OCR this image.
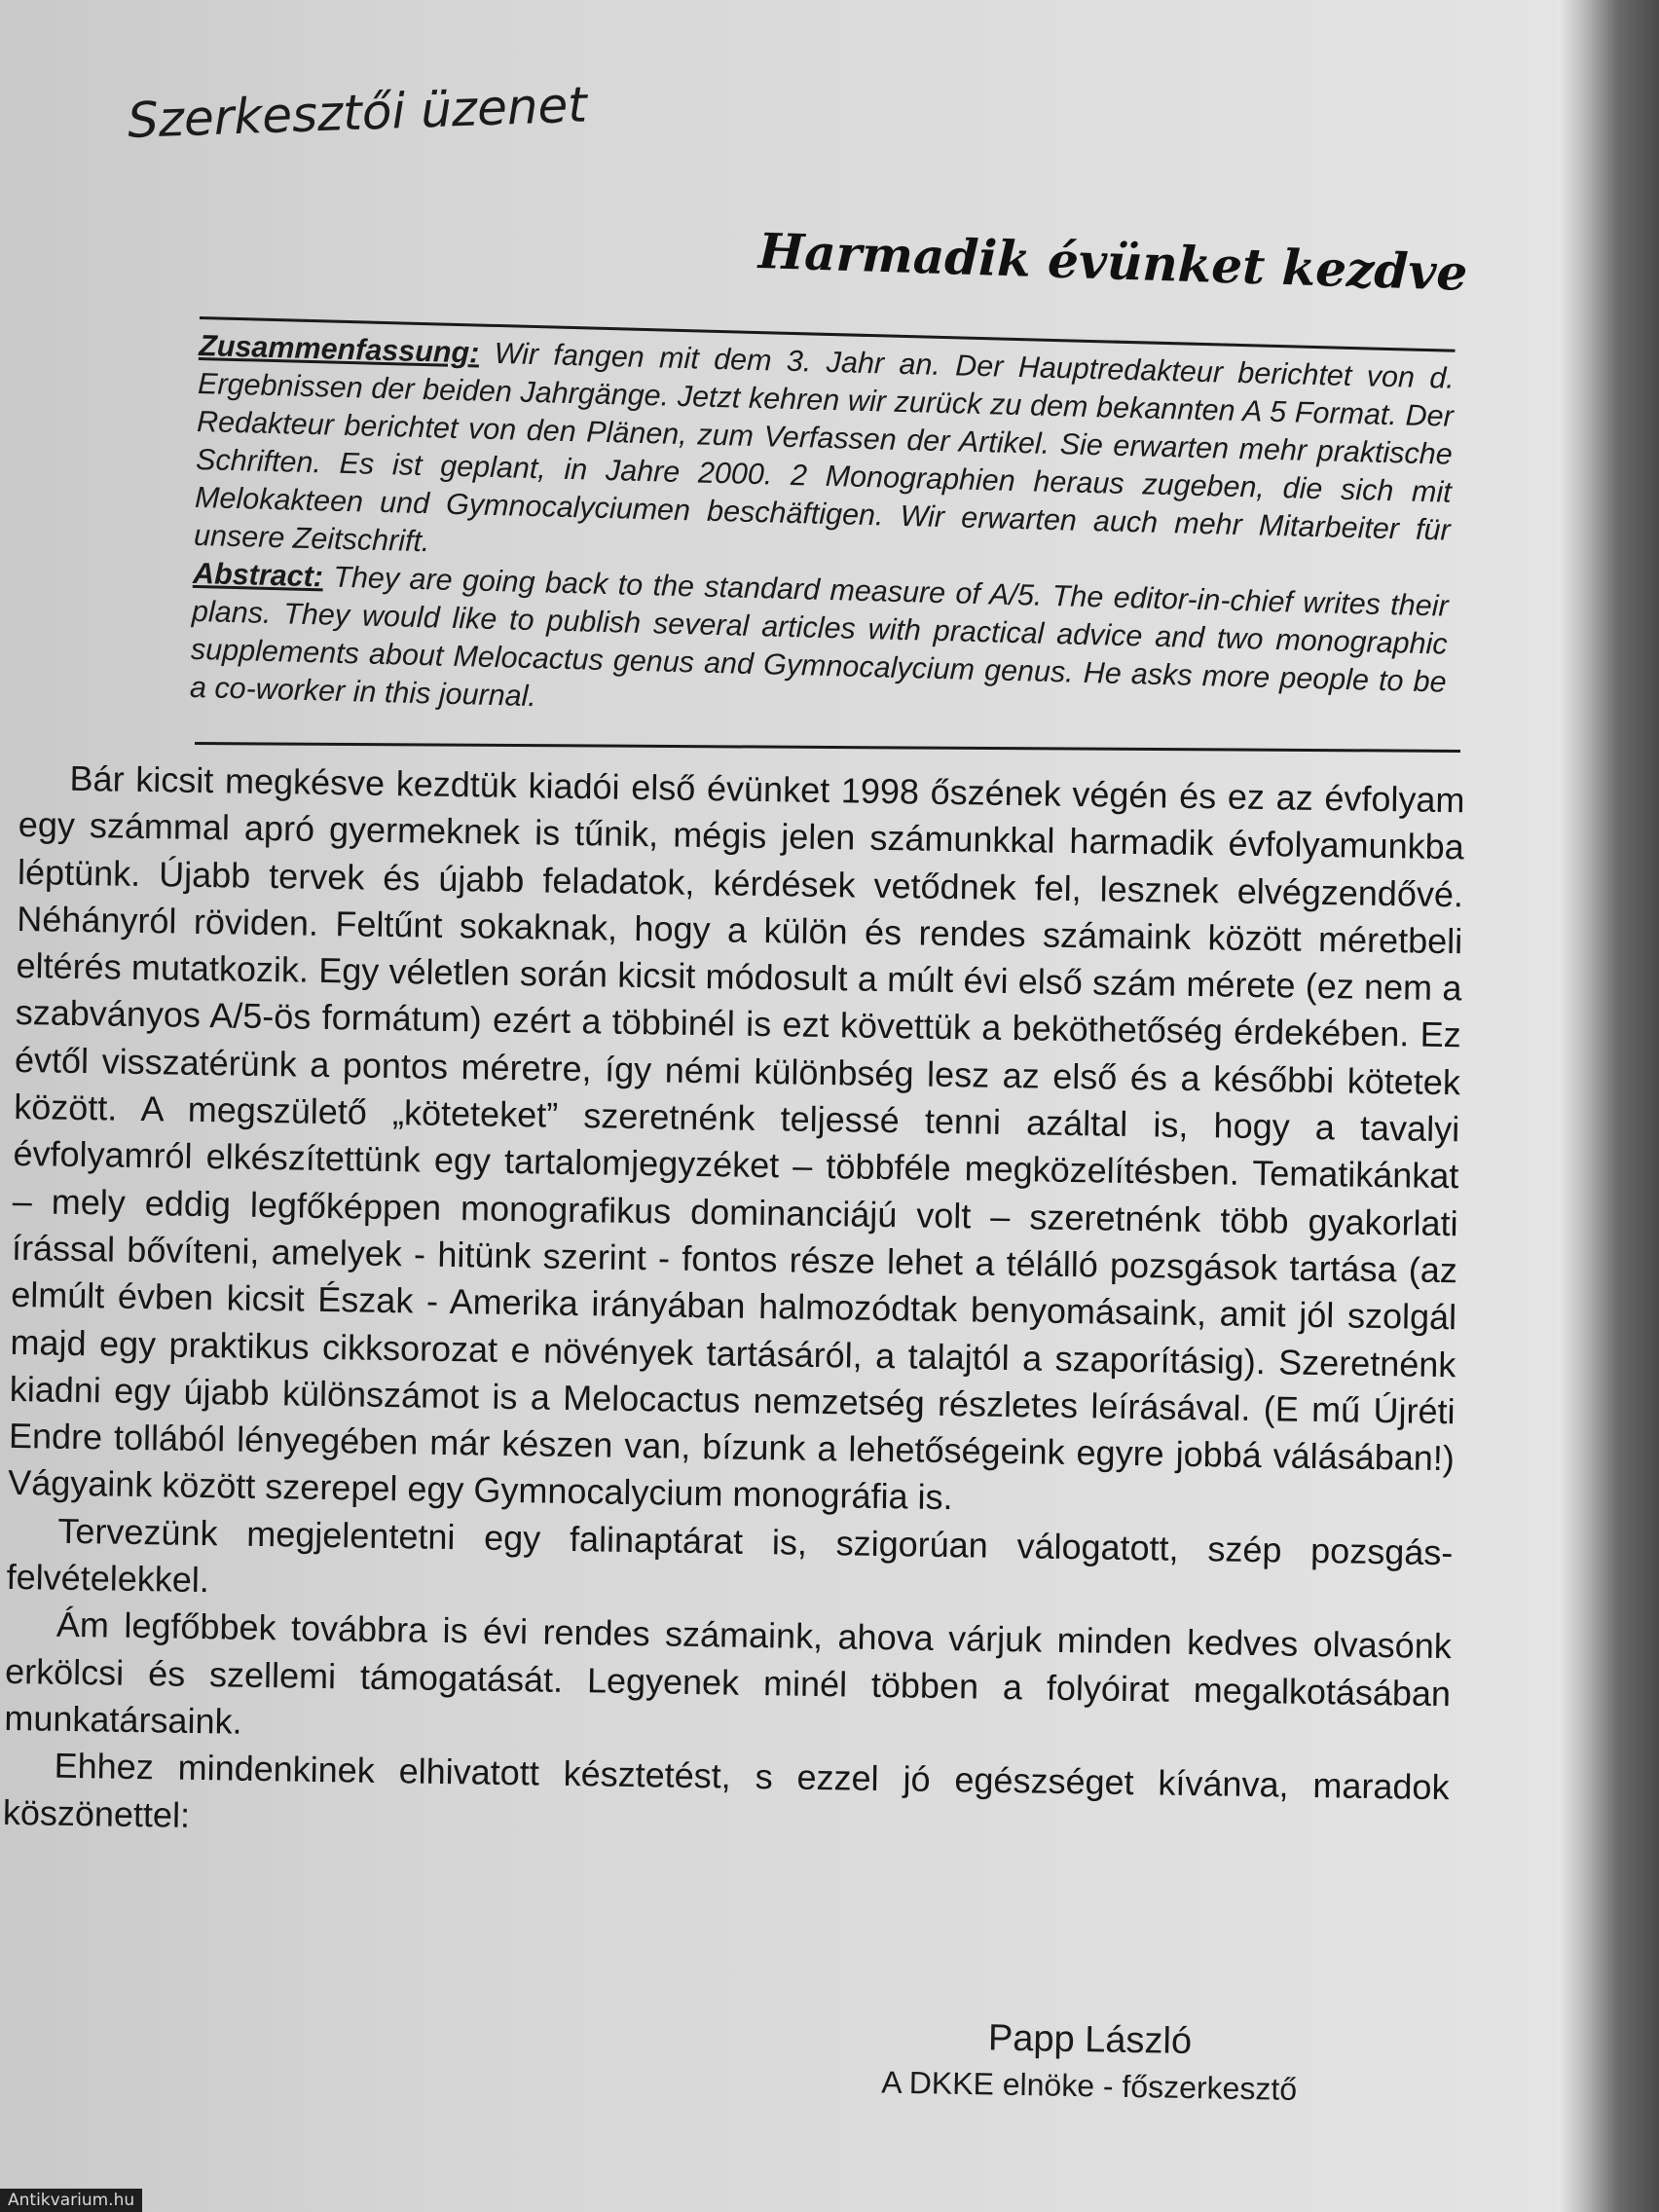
Szerkesztői üzenet
Harmadik évünket kezdve

Zusammenfassung: Wir fangen mit dem 3. Jahr an. Der Hauptredakteur berichtet von d. Ergebnissen der beiden Jahrgänge. Jetzt kehren wir zurück zu dem bekannten A 5 Format. Der Redakteur berichtet von den Plänen, zum Verfassen der Artikel. Sie erwarten mehr praktische Schriften. Es ist geplant, in Jahre 2000. 2 Monographien heraus zugeben, die sich mit Melokakteen und Gymnocalyciumen beschäftigen. Wir erwarten auch mehr Mitarbeiter für unsere Zeitschrift.

Abstract: They are going back to the standard measure of A/5. The editor-in-chief writes their plans. They would like to publish several articles with practical advice and two monographic supplements about Melocactus genus and Gymnocalycium genus. He asks more people to be a co-worker in this journal.

Bár kicsit megkésve kezdtük kiadói első évünket 1998 őszének végén és ez az évfolyam egy számmal apró gyermeknek is tűnik, mégis jelen számunkkal harmadik évfolyamunkba léptünk. Újabb tervek és újabb feladatok, kérdések vetődnek fel, lesznek elvégzendővé. Néhányról röviden. Feltűnt sokaknak, hogy a külön és rendes számaink között méretbeli eltérés mutatkozik. Egy véletlen során kicsit módosult a múlt évi első szám mérete (ez nem a szabványos A/5-ös formátum) ezért a többinél is ezt követtük a beköthetőség érdekében. Ez évtől visszatérünk a pontos méretre, így némi különbség lesz az első és a későbbi kötetek között. A megszülető „köteteket” szeretnénk teljessé tenni azáltal is, hogy a tavalyi évfolyamról elkészítettünk egy tartalomjegyzéket – többféle megközelítésben. Tematikánkat – mely eddig legfőképpen monografikus dominanciájú volt – szeretnénk több gyakorlati írással bővíteni, amelyek - hitünk szerint - fontos része lehet a télálló pozsgások tartása (az elmúlt évben kicsit Észak - Amerika irányában halmozódtak benyomásaink, amit jól szolgál majd egy praktikus cikksorozat e növények tartásáról, a talajtól a szaporításig). Szeretnénk kiadni egy újabb különszámot is a Melocactus nemzetség részletes leírásával. (E mű Újréti Endre tollából lényegében már készen van, bízunk a lehetőségeink egyre jobbá válásában!) Vágyaink között szerepel egy Gymnocalycium monográfia is.

Tervezünk megjelentetni egy falinaptárat is, szigorúan válogatott, szép pozsgásfelvételekkel.

Ám legfőbbek továbbra is évi rendes számaink, ahova várjuk minden kedves olvasónk erkölcsi és szellemi támogatását. Legyenek minél többen a folyóirat megalkotásában munkatársaink.

Ehhez mindenkinek elhivatott késztetést, s ezzel jó egészséget kívánva, maradok köszönettel:

Papp László
A DKKE elnöke - főszerkesztő
Antikvarium.hu
